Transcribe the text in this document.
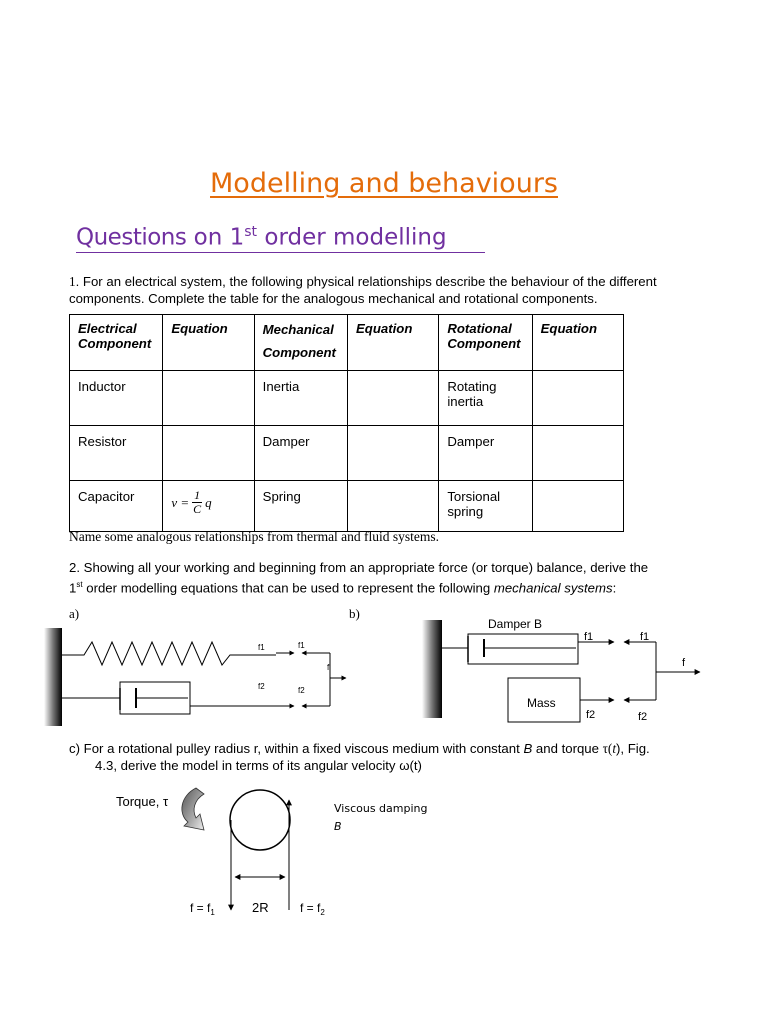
Modelling and behaviours
Questions on 1st order modelling
1. For an electrical system, the following physical relationships describe the behaviour of the different components. Complete the table for the analogous mechanical and rotational components.
Electrical Component	Equation	Mechanical Component	Equation	Rotational Component	Equation
Inductor		Inertia		Rotating inertia	
Resistor		Damper		Damper	
Capacitor	$v = \frac{1}{C}$ q	Spring		Torsional spring	
Name some analogous relationships from thermal and fluid systems.
2. Showing all your working and beginning from an appropriate force (or torque) balance, derive the
1st order modelling equations that can be used to represent the following mechanical systems:
a)	b)
f1	f1
f
f2	f2
Damper B
Mass
f1	f1
f
f2	f2
c) For a rotational pulley radius r, within a fixed viscous medium with constant B and torque τ(t), Fig.
4.3, derive the model in terms of its angular velocity ω(t)
Torque, τ	Viscous damping
B
$f = f_1$	2R	$f = f_2$
